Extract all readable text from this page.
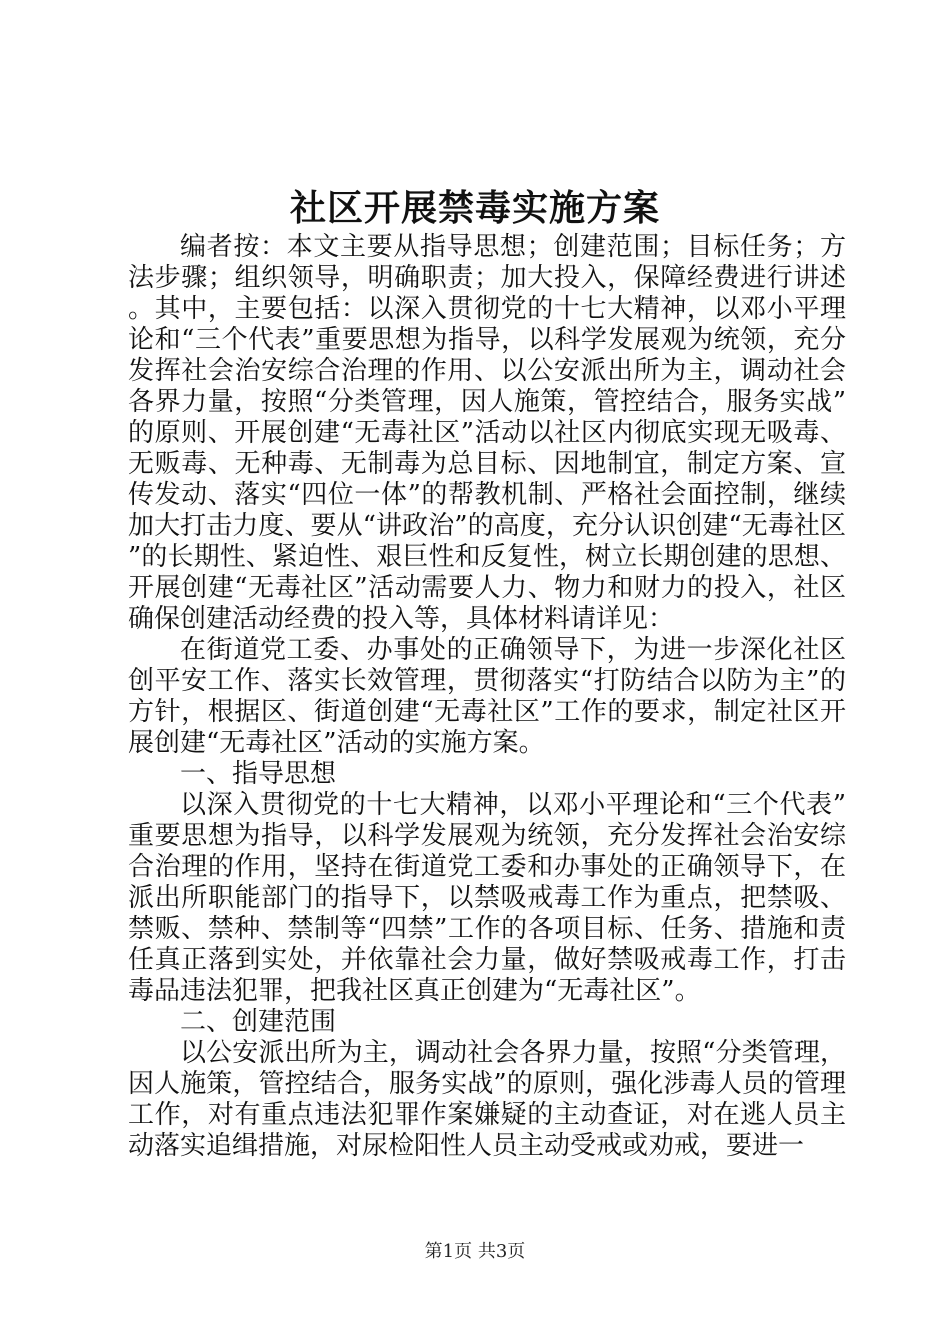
社区开展禁毒实施方案

编者按：本文主要从指导思想；创建范围；目标任务；方法步骤；组织领导，明确职责；加大投入，保障经费进行讲述。其中，主要包括：以深入贯彻党的十七大精神，以邓小平理论和“三个代表”重要思想为指导，以科学发展观为统领，充分发挥社会治安综合治理的作用、以公安派出所为主，调动社会各界力量，按照“分类管理，因人施策，管控结合，服务实战”的原则、开展创建“无毒社区”活动以社区内彻底实现无吸毒、无贩毒、无种毒、无制毒为总目标、因地制宜，制定方案、宣传发动、落实“四位一体”的帮教机制、严格社会面控制，继续加大打击力度、要从“讲政治”的高度，充分认识创建“无毒社区”的长期性、紧迫性、艰巨性和反复性，树立长期创建的思想、开展创建“无毒社区”活动需要人力、物力和财力的投入，社区确保创建活动经费的投入等，具体材料请详见：

在街道党工委、办事处的正确领导下，为进一步深化社区创平安工作、落实长效管理，贯彻落实“打防结合以防为主”的方针，根据区、街道创建“无毒社区”工作的要求，制定社区开展创建“无毒社区”活动的实施方案。

一、指导思想

以深入贯彻党的十七大精神，以邓小平理论和“三个代表”重要思想为指导，以科学发展观为统领，充分发挥社会治安综合治理的作用，坚持在街道党工委和办事处的正确领导下，在派出所职能部门的指导下，以禁吸戒毒工作为重点，把禁吸、禁贩、禁种、禁制等“四禁”工作的各项目标、任务、措施和责任真正落到实处，并依靠社会力量，做好禁吸戒毒工作，打击毒品违法犯罪，把我社区真正创建为“无毒社区”。

二、创建范围

以公安派出所为主，调动社会各界力量，按照“分类管理，因人施策，管控结合，服务实战”的原则，强化涉毒人员的管理工作，对有重点违法犯罪作案嫌疑的主动查证，对在逃人员主动落实追缉措施，对尿检阳性人员主动受戒或劝戒，要进一

第1页 共3页
